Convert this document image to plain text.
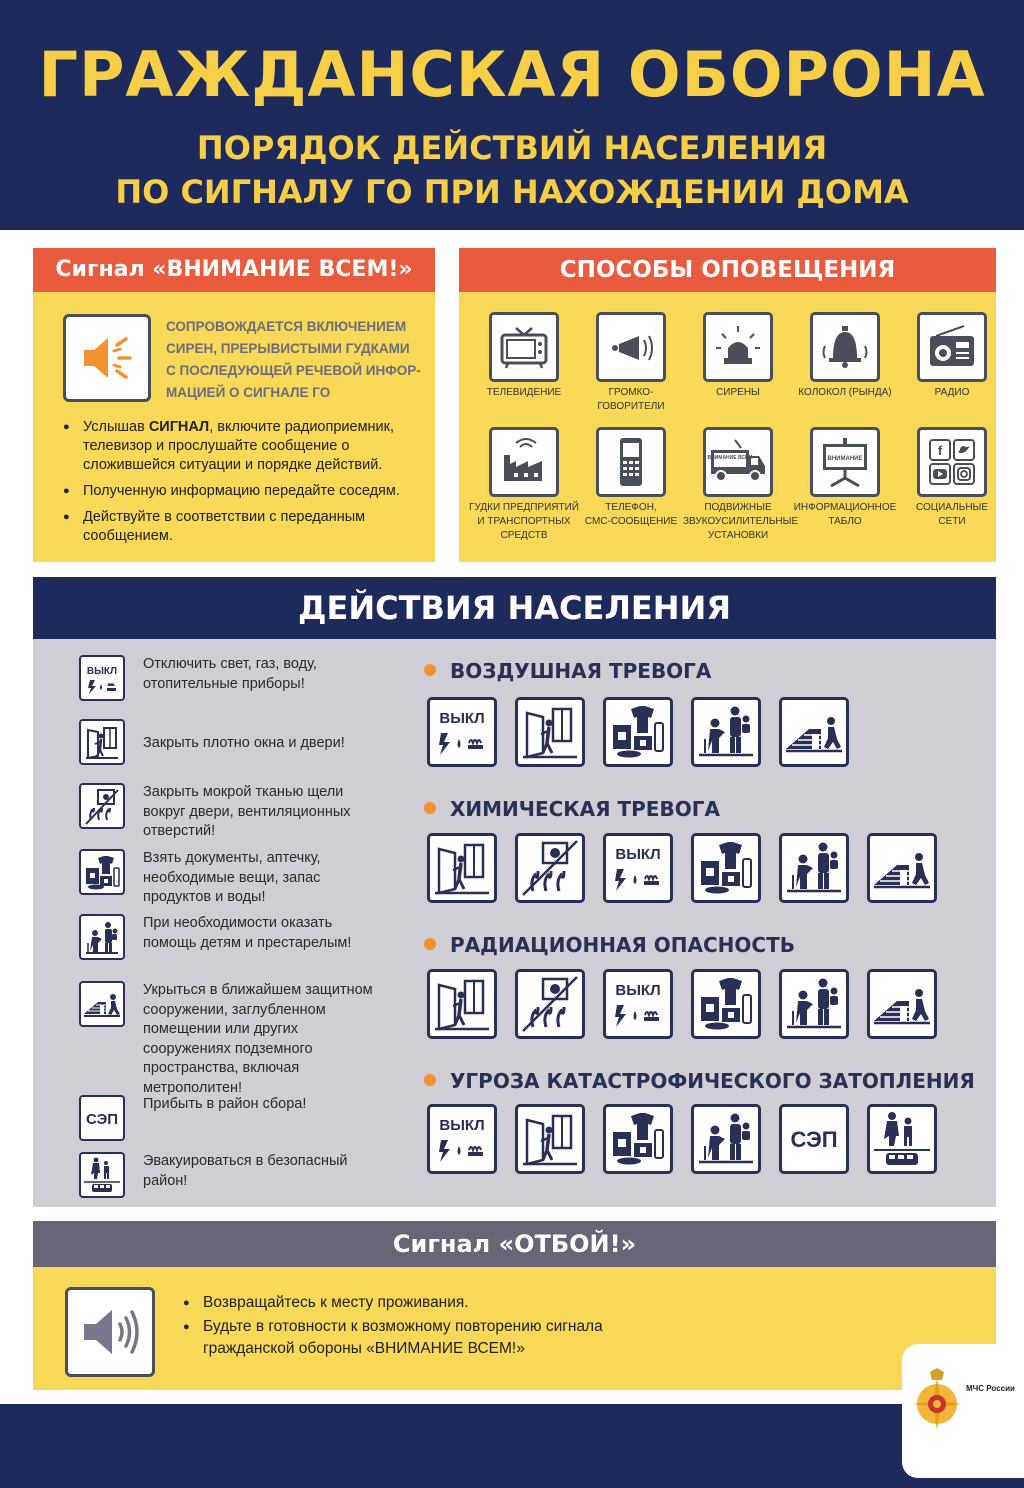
ГРАЖДАНСКАЯ ОБОРОНА
ПОРЯДОК ДЕЙСТВИЙ НАСЕЛЕНИЯ
ПО СИГНАЛУ ГО ПРИ НАХОЖДЕНИИ ДОМА
Сигнал «ВНИМАНИЕ ВСЕМ!»
СОПРОВОЖДАЕТСЯ ВКЛЮЧЕНИЕМ
СИРЕН, ПРЕРЫВИСТЫМИ ГУДКАМИ
С ПОСЛЕДУЮЩЕЙ РЕЧЕВОЙ ИНФОР-
МАЦИЕЙ О СИГНАЛЕ ГО
● Услышав СИГНАЛ, включите радиоприемник, телевизор и прослушайте сообщение о сложившейся ситуации и порядке действий.
● Полученную информацию передайте соседям.
● Действуйте в соответствии с переданным сообщением.
СПОСОБЫ ОПОВЕЩЕНИЯ
ТЕЛЕВИДЕНИЕ	ГРОМКО-
ГОВОРИТЕЛИ
СИРЕНЫ	КОЛОКОЛ (РЫНДА)	РАДИО
ГУДКИ ПРЕДПРИЯТИЙ
И ТРАНСПОРТНЫХ
СРЕДСТВ
ТЕЛЕФОН,
СМС-СООБЩЕНИЕ
ВНИМАНИЕ ВСЕМ
ПОДВИЖНЫЕ
ЗВУКОУСИЛИТЕЛЬНЫЕ
УСТАНОВКИ
ВНИМАНИЕ
ИНФОРМАЦИОННОЕ
ТАБЛО
f
СОЦИАЛЬНЫЕ
СЕТИ
ДЕЙСТВИЯ НАСЕЛЕНИЯ
ВЫКЛ Отключить свет, газ, воду, отопительные приборы!
Закрыть плотно окна и двери!
Закрыть мокрой тканью щели вокруг двери, вентиляционных отверстий!
Взять документы, аптечку, необходимые вещи, запас продуктов и воды!
При необходимости оказать помощь детям и престарелым!
Укрыться в ближайшем защитном сооружении, заглубленном помещении или других сооружениях подземного пространства, включая метрополитен!
СЭП
Прибыть в район сбора!
Эвакуироваться в безопасный район!
ВОЗДУШНАЯ ТРЕВОГА
ХИМИЧЕСКАЯ ТРЕВОГА
РАДИАЦИОННАЯ ОПАСНОСТЬ
УГРОЗА КАТАСТРОФИЧЕСКОГО ЗАТОПЛЕНИЯ
ВЫКЛ
ВЫКЛ
ВЫКЛ
ВЫКЛ
СЭП
Сигнал «ОТБОЙ!»
● Возвращайтесь к месту проживания.
● Будьте в готовности к возможному повторению сигнала
гражданской обороны «ВНИМАНИЕ ВСЕМ!»
МЧС России
